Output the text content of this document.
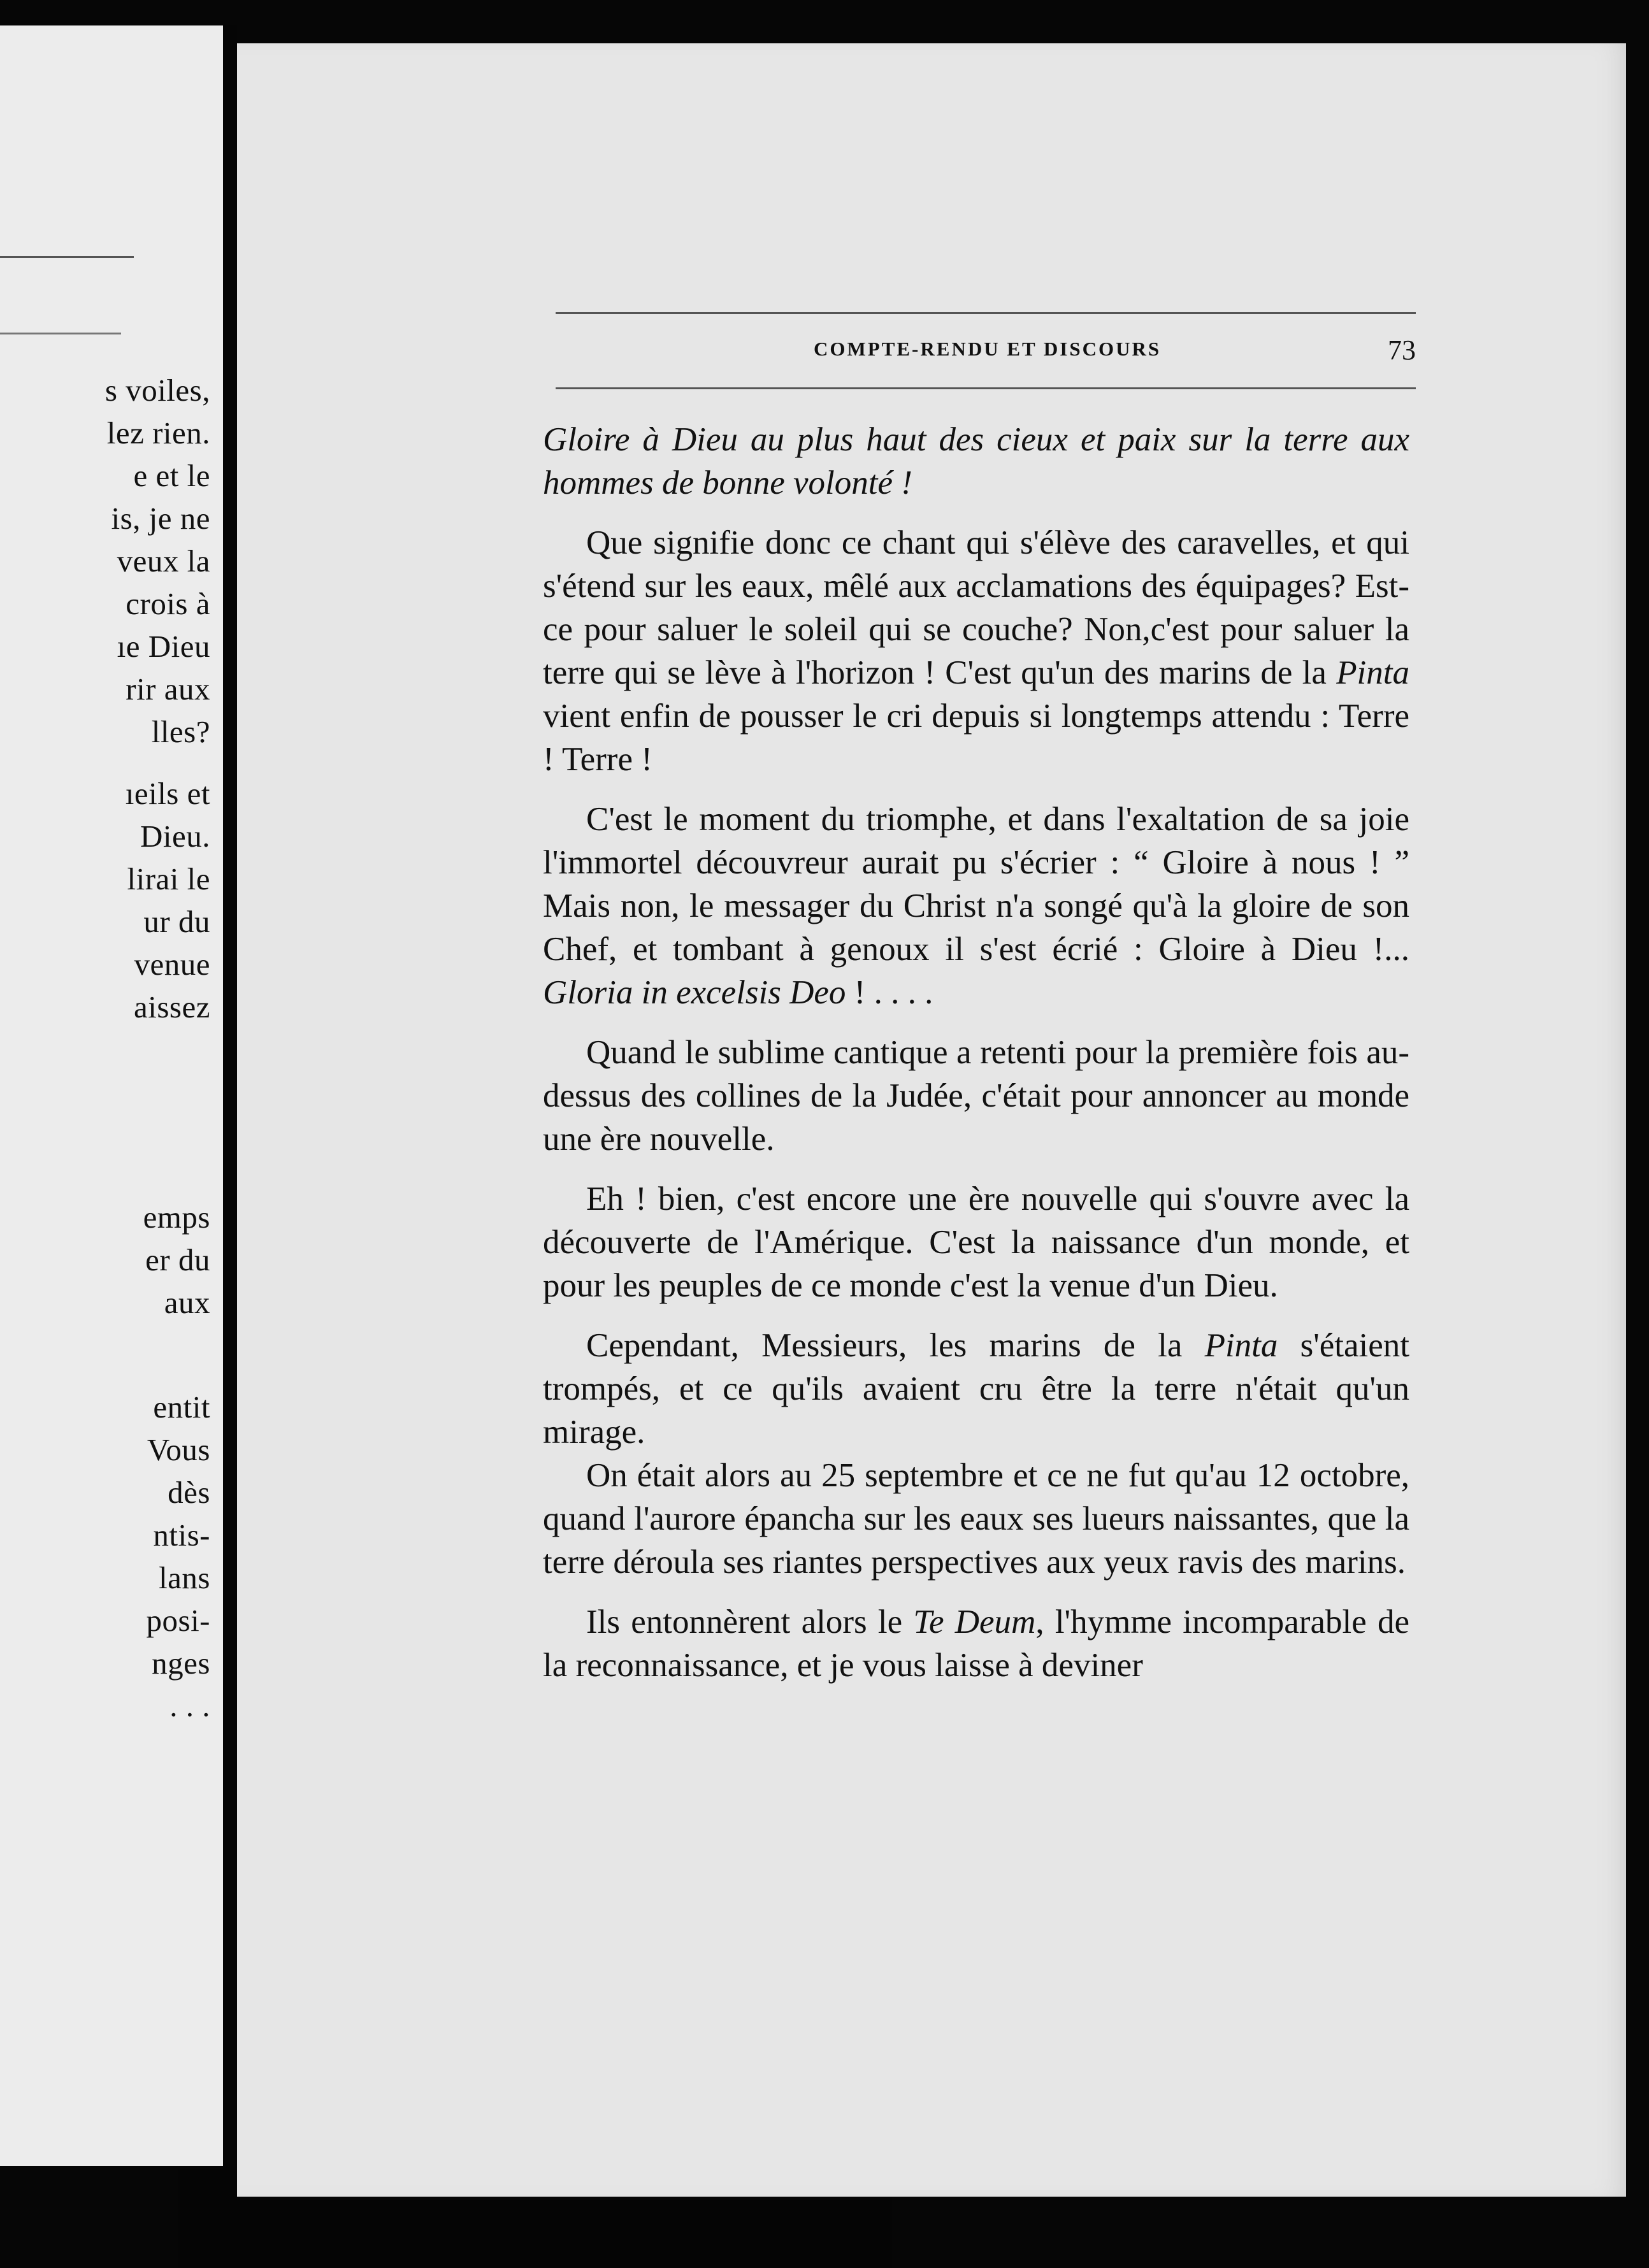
s voiles,
lez rien.
e et le
is, je ne
veux la
crois à
ıe Dieu
rir aux
lles?
ıeils et
Dieu.
lirai le
ur du
venue
aissez
emps
er du
aux
entit
Vous
dès
ntis-
lans
posi-
nges
. . .
COMPTE-RENDU ET DISCOURS	73

Gloire à Dieu au plus haut des cieux et paix sur la terre aux hommes de bonne volonté !

Que signifie donc ce chant qui s'élève des caravelles, et qui s'étend sur les eaux, mêlé aux acclamations des équipages? Est-ce pour saluer le soleil qui se couche? Non,c'est pour saluer la terre qui se lève à l'horizon ! C'est qu'un des marins de la Pinta vient enfin de pousser le cri depuis si longtemps attendu : Terre ! Terre !

C'est le moment du triomphe, et dans l'exaltation de sa joie l'immortel découvreur aurait pu s'écrier : “ Gloire à nous ! ” Mais non, le messager du Christ n'a songé qu'à la gloire de son Chef, et tombant à genoux il s'est écrié : Gloire à Dieu !... Gloria in excelsis Deo ! . . . .

Quand le sublime cantique a retenti pour la première fois au-dessus des collines de la Judée, c'était pour annoncer au monde une ère nouvelle.

Eh ! bien, c'est encore une ère nouvelle qui s'ouvre avec la découverte de l'Amérique. C'est la naissance d'un monde, et pour les peuples de ce monde c'est la venue d'un Dieu.

Cependant, Messieurs, les marins de la Pinta s'étaient trompés, et ce qu'ils avaient cru être la terre n'était qu'un mirage.

On était alors au 25 septembre et ce ne fut qu'au 12 octobre, quand l'aurore épancha sur les eaux ses lueurs naissantes, que la terre déroula ses riantes perspectives aux yeux ravis des marins.

Ils entonnèrent alors le Te Deum, l'hymme incomparable de la reconnaissance, et je vous laisse à deviner
